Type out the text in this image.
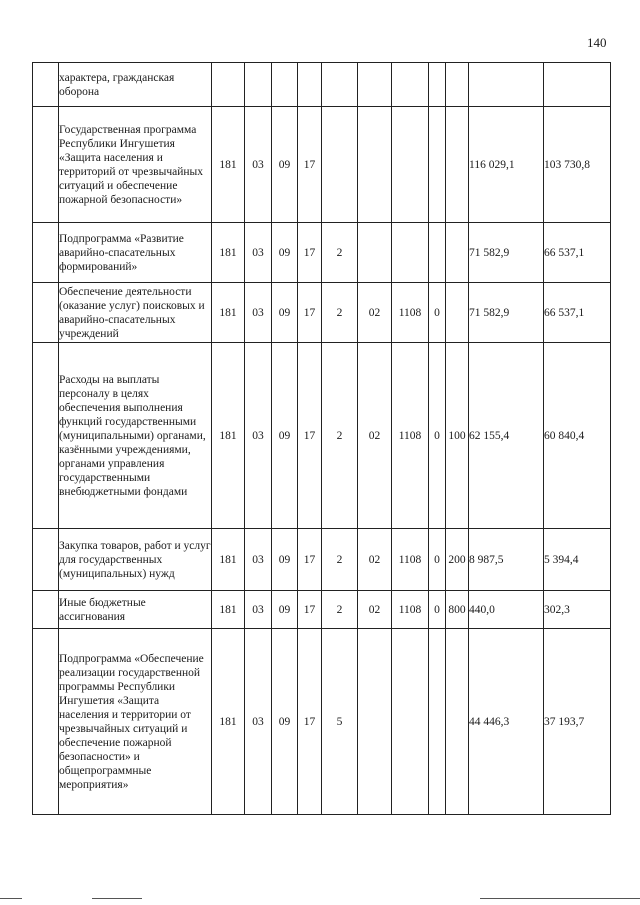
140
	характера, гражданская оборона											
	Государственная программа Республики Ингушетия «Защита населения и территорий от чрезвычайных ситуаций и обеспечение пожарной безопасности»	181	03	09	17						116 029,1	103 730,8
	Подпрограмма «Развитие аварийно-спасательных формирований»	181	03	09	17	2					71 582,9	66 537,1
	Обеспечение деятельности (оказание услуг) поисковых и аварийно-спасательных учреждений	181	03	09	17	2	02	1108	0		71 582,9	66 537,1
	Расходы на выплаты персоналу в целях обеспечения выполнения функций государственными (муниципальными) органами, казёнными учреждениями, органами управления государственными внебюджетными фондами	181	03	09	17	2	02	1108	0	100	62 155,4	60 840,4
	Закупка товаров, работ и услуг для государственных (муниципальных) нужд	181	03	09	17	2	02	1108	0	200	8 987,5	5 394,4
	Иные бюджетные ассигнования	181	03	09	17	2	02	1108	0	800	440,0	302,3
	Подпрограмма «Обеспечение реализации государственной программы Республики Ингушетия «Защита населения и территории от чрезвычайных ситуаций и обеспечение пожарной безопасности» и общепрограммные мероприятия»	181	03	09	17	5					44 446,3	37 193,7
